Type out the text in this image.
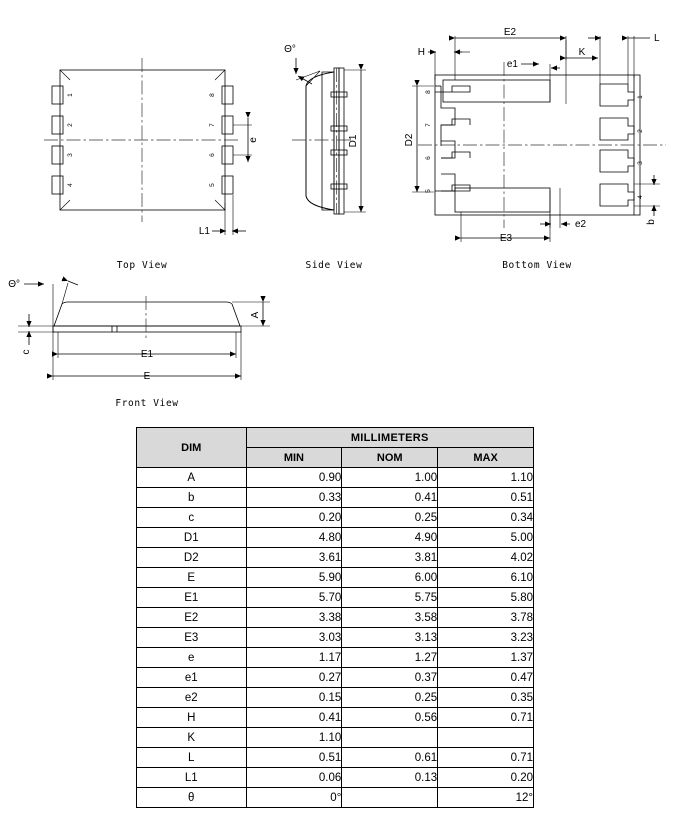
1
2
3
4
8
7
6
5
e
L1
Top View
Θ°
D1
Side View
8
7
6
5
1
2
3
4
E2
H	K
L
e1
e2
E3
D2
b
Bottom View
Θ°
c
A
E1
E
Front View
DIM	MILLIMETERS		
	MIN	NOM	MAX
A	0.90	1.00	1.10
b	0.33	0.41	0.51
c	0.20	0.25	0.34
D1	4.80	4.90	5.00
D2	3.61	3.81	4.02
E	5.90	6.00	6.10
E1	5.70	5.75	5.80
E2	3.38	3.58	3.78
E3	3.03	3.13	3.23
e	1.17	1.27	1.37
e1	0.27	0.37	0.47
e2	0.15	0.25	0.35
H	0.41	0.56	0.71
K	1.10		
L	0.51	0.61	0.71
L1	0.06	0.13	0.20
θ	0°		12°
